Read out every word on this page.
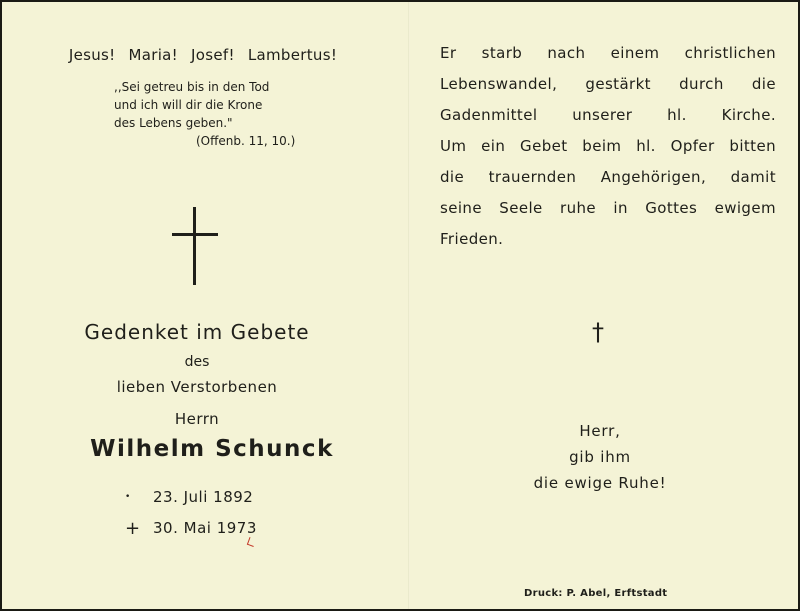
Jesus! Maria! Josef! Lambertus!

,,Sei getreu bis in den Tod
und ich will dir die Krone
des Lebens geben."
(Offenb. 11, 10.)

Gedenket im Gebete

des

lieben Verstorbenen

Herrn

Wilhelm Schunck

• 23. Juli 1892

+ 30. Mai 1973

Er starb nach einem christlichen

Lebenswandel, gestärkt durch die

Gadenmittel unserer hl. Kirche.

Um ein Gebet beim hl. Opfer bitten

die trauernden Angehörigen, damit

seine Seele ruhe in Gottes ewigem

Frieden.

†

Herr,

gib ihm

die ewige Ruhe!

Druck: P. Abel, Erftstadt
